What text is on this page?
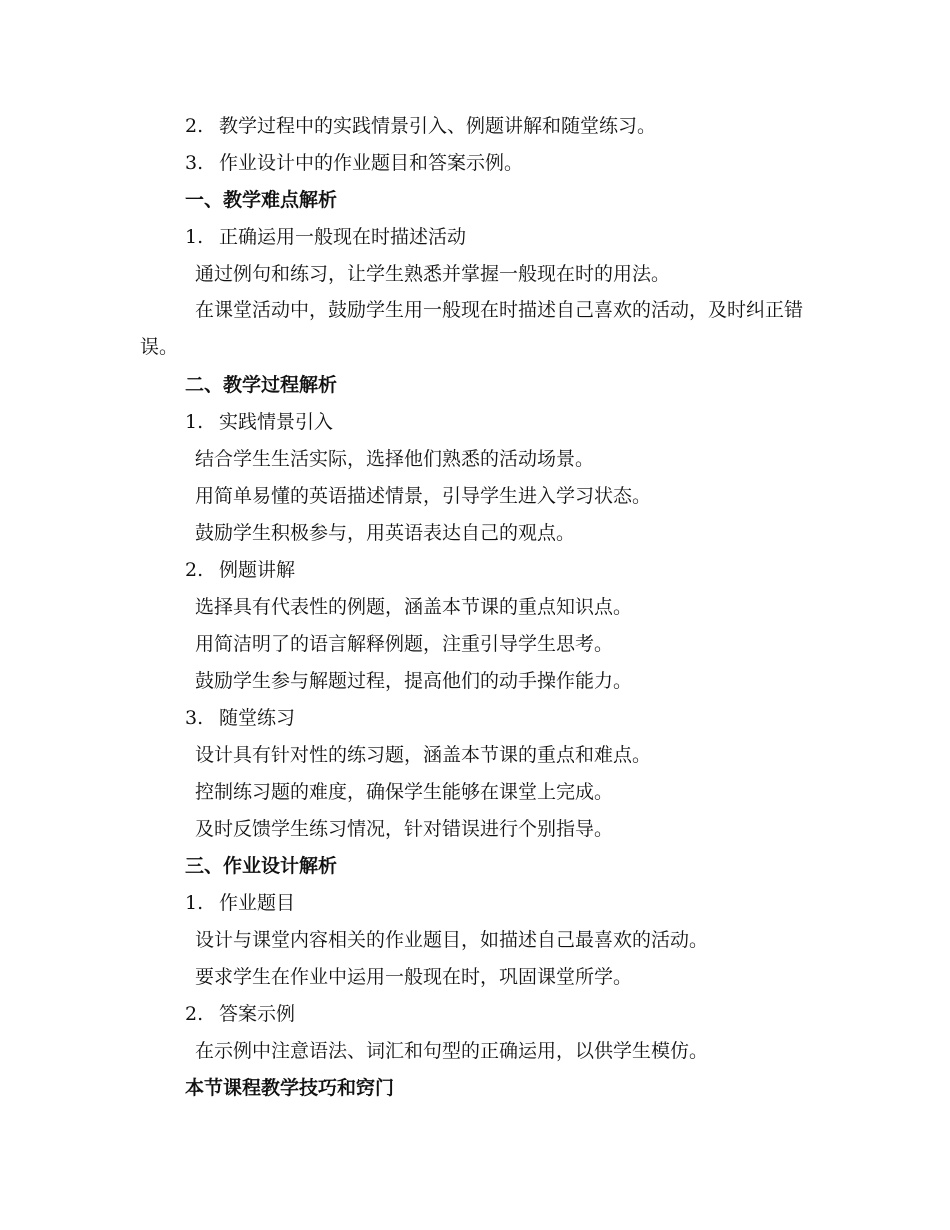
2. 教学过程中的实践情景引入、例题讲解和随堂练习。
3. 作业设计中的作业题目和答案示例。
一、教学难点解析
1. 正确运用一般现在时描述活动
通过例句和练习，让学生熟悉并掌握一般现在时的用法。
在课堂活动中，鼓励学生用一般现在时描述自己喜欢的活动，及时纠正错误。
二、教学过程解析
1. 实践情景引入
结合学生生活实际，选择他们熟悉的活动场景。
用简单易懂的英语描述情景，引导学生进入学习状态。
鼓励学生积极参与，用英语表达自己的观点。
2. 例题讲解
选择具有代表性的例题，涵盖本节课的重点知识点。
用简洁明了的语言解释例题，注重引导学生思考。
鼓励学生参与解题过程，提高他们的动手操作能力。
3. 随堂练习
设计具有针对性的练习题，涵盖本节课的重点和难点。
控制练习题的难度，确保学生能够在课堂上完成。
及时反馈学生练习情况，针对错误进行个别指导。
三、作业设计解析
1. 作业题目
设计与课堂内容相关的作业题目，如描述自己最喜欢的活动。
要求学生在作业中运用一般现在时，巩固课堂所学。
2. 答案示例
在示例中注意语法、词汇和句型的正确运用，以供学生模仿。
本节课程教学技巧和窍门
